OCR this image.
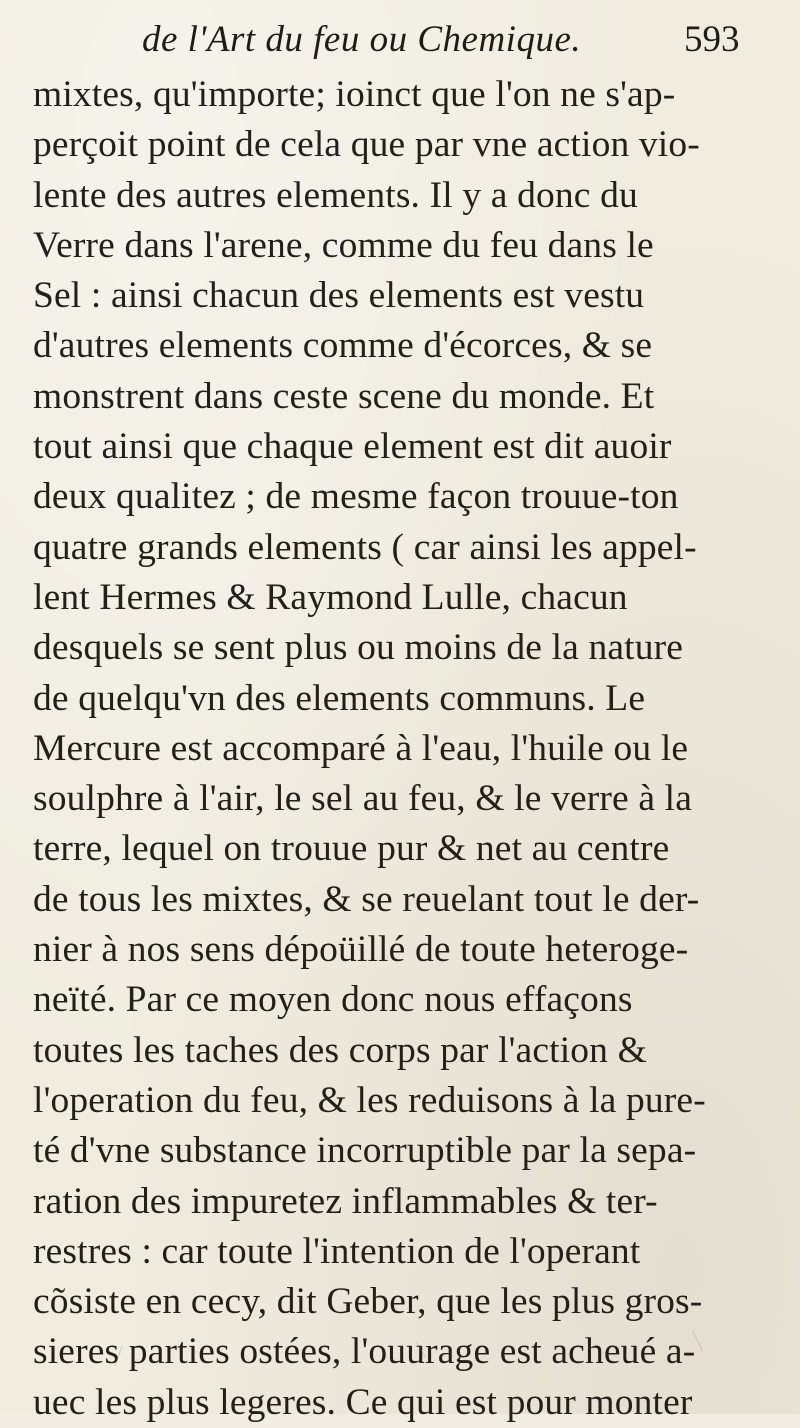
de l'Art du feu ou Chemique.	593
mixtes, qu'importe; ioinct que l'on ne s'ap-
perçoit point de cela que par vne action vio-
lente des autres elements. Il y a donc du
Verre dans l'arene, comme du feu dans le
Sel : ainsi chacun des elements est vestu
d'autres elements comme d'écorces, & se
monstrent dans ceste scene du monde. Et
tout ainsi que chaque element est dit auoir
deux qualitez ; de mesme façon trouue-ton
quatre grands elements ( car ainsi les appel-
lent Hermes & Raymond Lulle, chacun
desquels se sent plus ou moins de la nature
de quelqu'vn des elements communs. Le
Mercure est accomparé à l'eau, l'huile ou le
soulphre à l'air, le sel au feu, & le verre à la
terre, lequel on trouue pur & net au centre
de tous les mixtes, & se reuelant tout le der-
nier à nos sens dépoüillé de toute heteroge-
neïté. Par ce moyen donc nous effaçons
toutes les taches des corps par l'action &
l'operation du feu, & les reduisons à la pure-
té d'vne substance incorruptible par la sepa-
ration des impuretez inflammables & ter-
restres : car toute l'intention de l'operant
cõsiste en cecy, dit Geber, que les plus gros-
sieres parties ostées, l'ouurage est acheué a-
uec les plus legeres. Ce qui est pour monter
